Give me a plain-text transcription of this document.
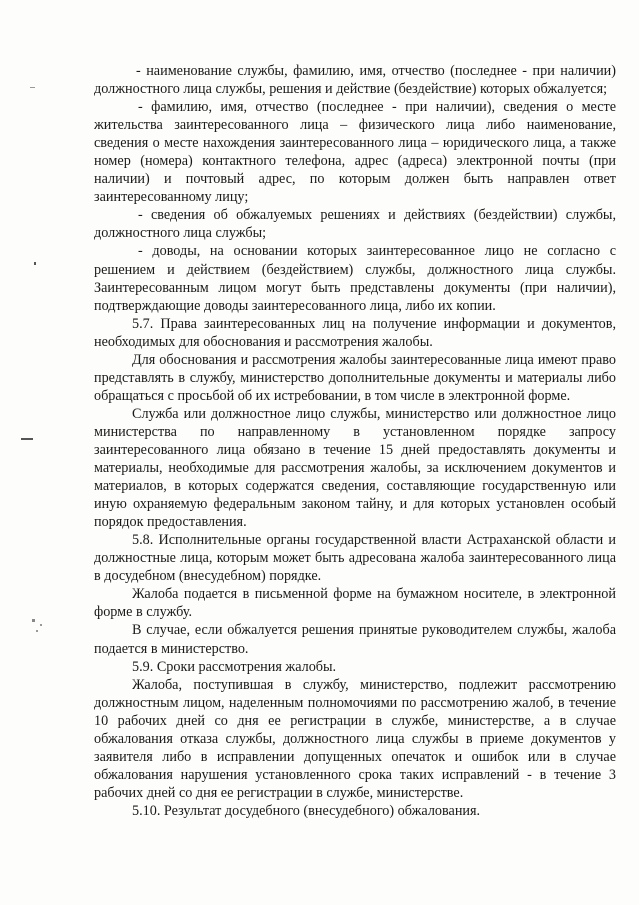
- наименование службы, фамилию, имя, отчество (последнее - при наличии) должностного лица службы, решения и действие (бездействие) которых обжалуется;

- фамилию, имя, отчество (последнее - при наличии), сведения о месте жительства заинтересованного лица – физического лица либо наименование, сведения о месте нахождения заинтересованного лица – юридического лица, а также номер (номера) контактного телефона, адрес (адреса) электронной почты (при наличии) и почтовый адрес, по которым должен быть направлен ответ заинтересованному лицу;

- сведения об обжалуемых решениях и действиях (бездействии) службы, должностного лица службы;

- доводы, на основании которых заинтересованное лицо не согласно с решением и действием (бездействием) службы, должностного лица службы. Заинтересованным лицом могут быть представлены документы (при наличии), подтверждающие доводы заинтересованного лица, либо их копии.

5.7. Права заинтересованных лиц на получение информации и документов, необходимых для обоснования и рассмотрения жалобы.

Для обоснования и рассмотрения жалобы заинтересованные лица имеют право представлять в службу, министерство дополнительные документы и материалы либо обращаться с просьбой об их истребовании, в том числе в электронной форме.

Служба или должностное лицо службы, министерство или должностное лицо министерства по направленному в установленном порядке запросу заинтересованного лица обязано в течение 15 дней предоставлять документы и материалы, необходимые для рассмотрения жалобы, за исключением документов и материалов, в которых содержатся сведения, составляющие государственную или иную охраняемую федеральным законом тайну, и для которых установлен особый порядок предоставления.

5.8. Исполнительные органы государственной власти Астраханской области и должностные лица, которым может быть адресована жалоба заинтересованного лица в досудебном (внесудебном) порядке.

Жалоба подается в письменной форме на бумажном носителе, в электронной форме в службу.

В случае, если обжалуется решения принятые руководителем службы, жалоба подается в министерство.

5.9. Сроки рассмотрения жалобы.

Жалоба, поступившая в службу, министерство, подлежит рассмотрению должностным лицом, наделенным полномочиями по рассмотрению жалоб, в течение 10 рабочих дней со дня ее регистрации в службе, министерстве, а в случае обжалования отказа службы, должностного лица службы в приеме документов у заявителя либо в исправлении допущенных опечаток и ошибок или в случае обжалования нарушения установленного срока таких исправлений - в течение 3 рабочих дней со дня ее регистрации в службе, министерстве.

5.10. Результат досудебного (внесудебного) обжалования.
